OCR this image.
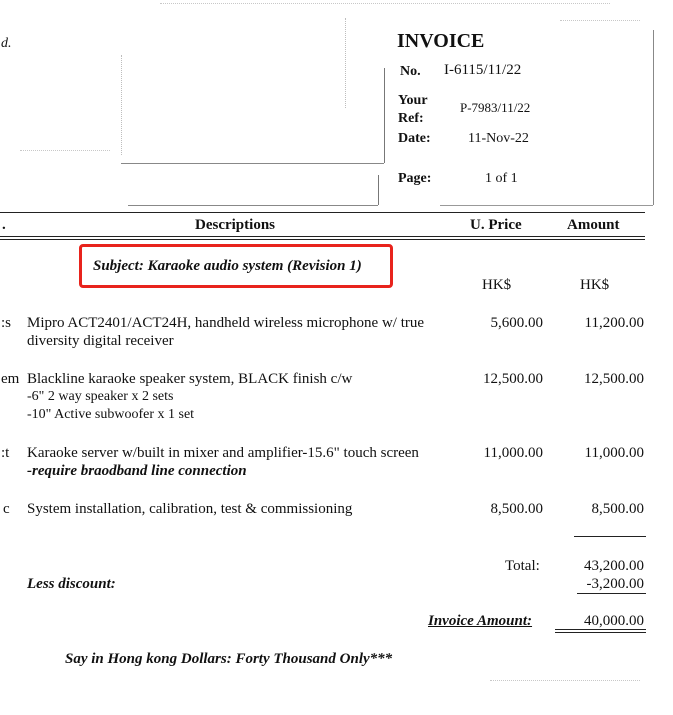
d.	INVOICE
No. I-6115/11/22
Your
Ref:
P-7983/11/22
Date:	11-Nov-22
Page:	1 of 1
.	Descriptions	U. Price	Amount
Subject: Karaoke audio system (Revision 1)
HK$	HK$
:s Mipro ACT2401/ACT24H, handheld wireless microphone w/ true
diversity digital receiver
5,600.00	11,200.00
em Blackline karaoke speaker system, BLACK finish c/w
-6" 2 way speaker x 2 sets
-10" Active subwoofer x 1 set
12,500.00	12,500.00
:t Karaoke server w/built in mixer and amplifier-15.6" touch screen
-require braodband line connection
11,000.00	11,000.00
c System installation, calibration, test & commissioning	8,500.00	8,500.00
Total:	43,200.00
Less discount:	-3,200.00
Invoice Amount:	40,000.00
Say in Hong kong Dollars: Forty Thousand Only***
